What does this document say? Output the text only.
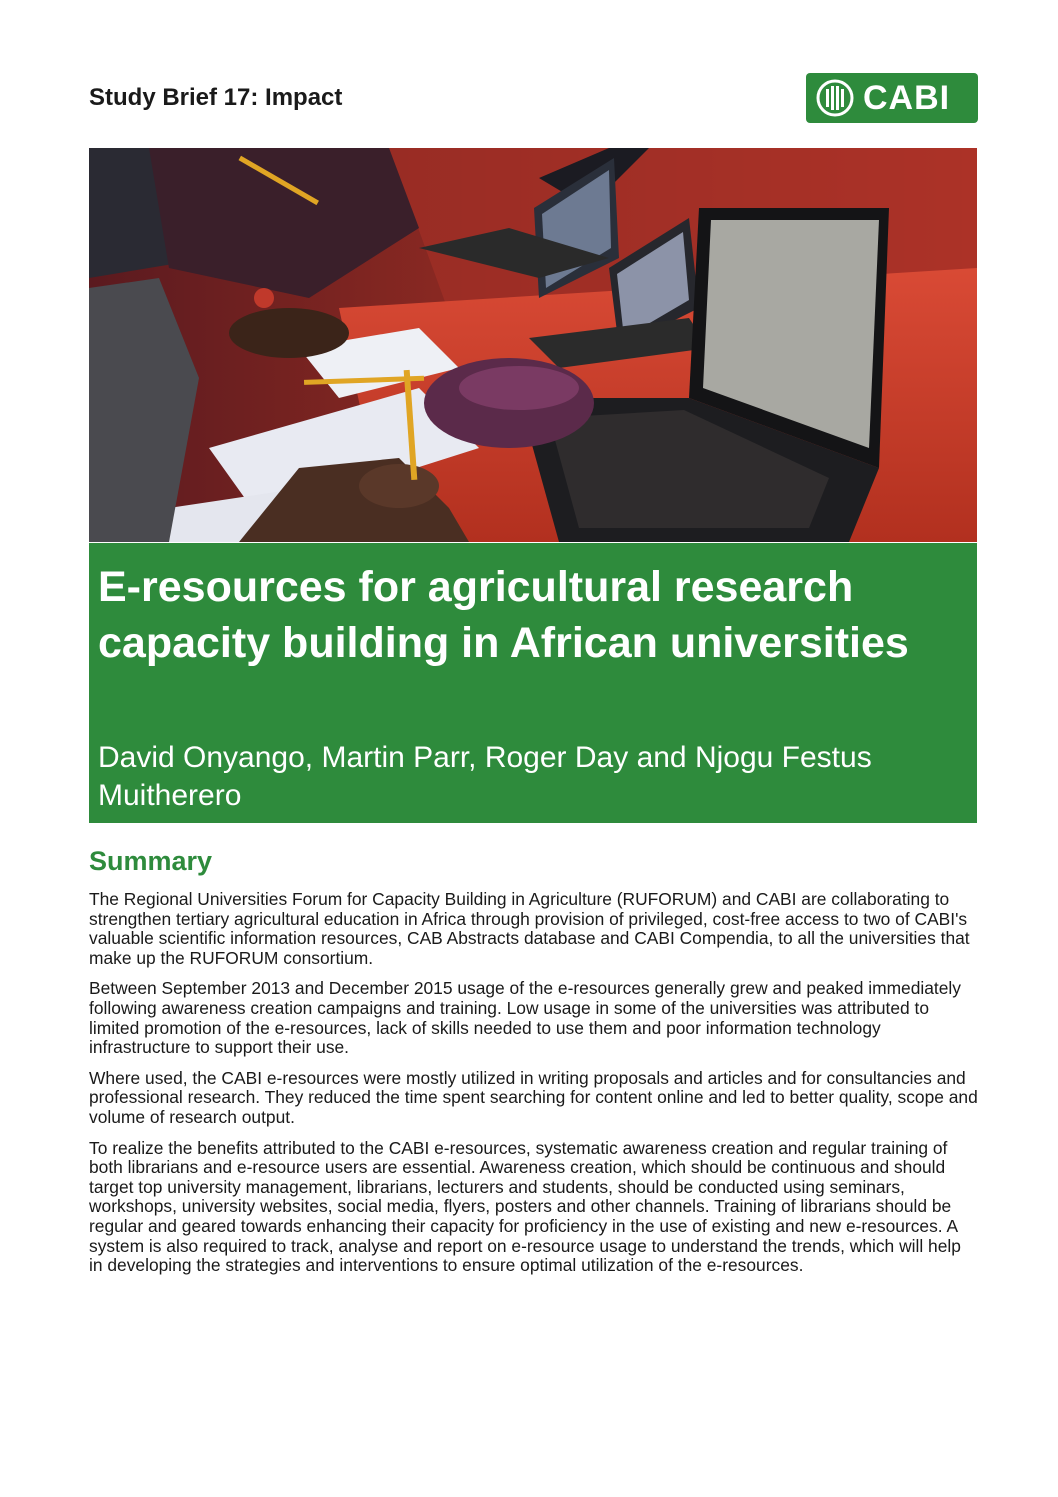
Study Brief 17: Impact	CABI
E-resources for agricultural research capacity building in African universities
David Onyango, Martin Parr, Roger Day and Njogu Festus Muitherero
Summary

The Regional Universities Forum for Capacity Building in Agriculture (RUFORUM) and CABI are collaborating to strengthen tertiary agricultural education in Africa through provision of privileged, cost-free access to two of CABI's valuable scientific information resources, CAB Abstracts database and CABI Compendia, to all the universities that make up the RUFORUM consortium.

Between September 2013 and December 2015 usage of the e-resources generally grew and peaked immediately following awareness creation campaigns and training. Low usage in some of the universities was attributed to limited promotion of the e-resources, lack of skills needed to use them and poor information technology infrastructure to support their use.

Where used, the CABI e-resources were mostly utilized in writing proposals and articles and for consultancies and professional research. They reduced the time spent searching for content online and led to better quality, scope and volume of research output.

To realize the benefits attributed to the CABI e-resources, systematic awareness creation and regular training of both librarians and e-resource users are essential. Awareness creation, which should be continuous and should target top university management, librarians, lecturers and students, should be conducted using seminars, workshops, university websites, social media, flyers, posters and other channels. Training of librarians should be regular and geared towards enhancing their capacity for proficiency in the use of existing and new e-resources. A system is also required to track, analyse and report on e-resource usage to understand the trends, which will help in developing the strategies and interventions to ensure optimal utilization of the e-resources.
